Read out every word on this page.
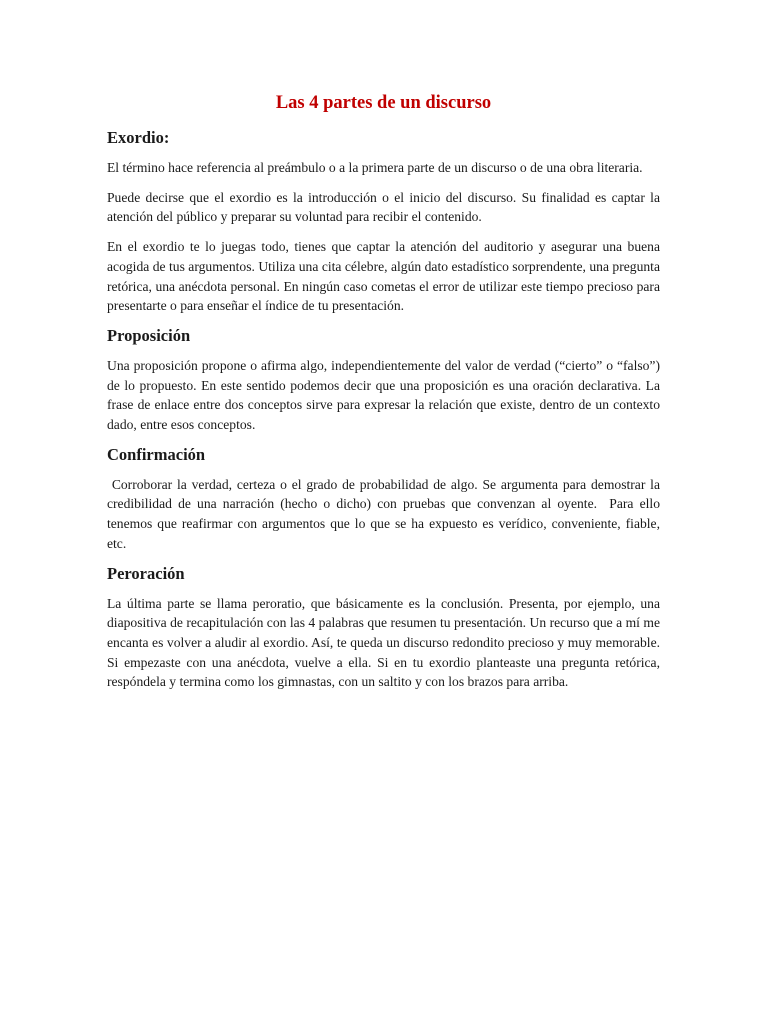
Las 4 partes de un discurso
Exordio:

El término hace referencia al preámbulo o a la primera parte de un discurso o de una obra literaria.

Puede decirse que el exordio es la introducción o el inicio del discurso. Su finalidad es captar la atención del público y preparar su voluntad para recibir el contenido.

En el exordio te lo juegas todo, tienes que captar la atención del auditorio y asegurar una buena acogida de tus argumentos. Utiliza una cita célebre, algún dato estadístico sorprendente, una pregunta retórica, una anécdota personal. En ningún caso cometas el error de utilizar este tiempo precioso para presentarte o para enseñar el índice de tu presentación.

Proposición

Una proposición propone o afirma algo, independientemente del valor de verdad (“cierto” o “falso”) de lo propuesto. En este sentido podemos decir que una proposición es una oración declarativa. La frase de enlace entre dos conceptos sirve para expresar la relación que existe, dentro de un contexto dado, entre esos conceptos.

Confirmación

Corroborar la verdad, certeza o el grado de probabilidad de algo. Se argumenta para demostrar la credibilidad de una narración (hecho o dicho) con pruebas que convenzan al oyente.  Para ello tenemos que reafirmar con argumentos que lo que se ha expuesto es verídico, conveniente, fiable, etc.

Peroración

La última parte se llama peroratio, que básicamente es la conclusión. Presenta, por ejemplo, una diapositiva de recapitulación con las 4 palabras que resumen tu presentación. Un recurso que a mí me encanta es volver a aludir al exordio. Así, te queda un discurso redondito precioso y muy memorable. Si empezaste con una anécdota, vuelve a ella. Si en tu exordio planteaste una pregunta retórica, respóndela y termina como los gimnastas, con un saltito y con los brazos para arriba.
